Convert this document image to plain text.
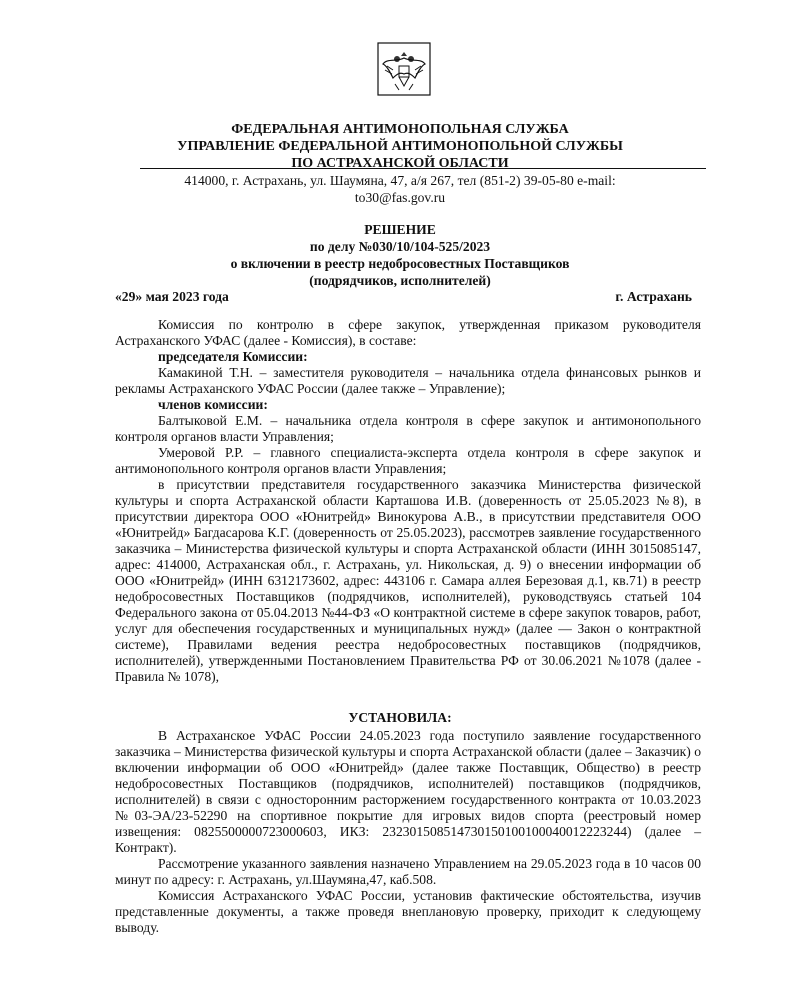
ФЕДЕРАЛЬНАЯ АНТИМОНОПОЛЬНАЯ СЛУЖБА
УПРАВЛЕНИЕ ФЕДЕРАЛЬНОЙ АНТИМОНОПОЛЬНОЙ СЛУЖБЫ
ПО АСТРАХАНСКОЙ ОБЛАСТИ
414000, г. Астрахань, ул. Шаумяна, 47, а/я 267, тел (851-2) 39-05-80 e-mail:
to30@fas.gov.ru
РЕШЕНИЕ
по делу №030/10/104-525/2023
о включении в реестр недобросовестных Поставщиков
(подрядчиков, исполнителей)
«29» мая 2023 года	г. Астрахань

Комиссия по контролю в сфере закупок, утвержденная приказом руководителя Астраханского УФАС (далее - Комиссия), в составе:

председателя Комиссии:

Камакиной Т.Н. – заместителя руководителя – начальника отдела финансовых рынков и рекламы Астраханского УФАС России (далее также – Управление);

членов комиссии:

Балтыковой Е.М. – начальника отдела контроля в сфере закупок и антимонопольного контроля органов власти Управления;

Умеровой Р.Р. – главного специалиста-эксперта отдела контроля в сфере закупок и антимонопольного контроля органов власти Управления;

в присутствии представителя государственного заказчика Министерства физической культуры и спорта Астраханской области Карташова И.В. (доверенность от 25.05.2023 №8), в присутствии директора ООО «Юнитрейд» Винокурова А.В., в присутствии представителя ООО «Юнитрейд» Багдасарова К.Г. (доверенность от 25.05.2023), рассмотрев заявление государственного заказчика – Министерства физической культуры и спорта Астраханской области (ИНН 3015085147, адрес: 414000, Астраханская обл., г. Астрахань, ул. Никольская, д. 9) о внесении информации об ООО «Юнитрейд» (ИНН 6312173602, адрес: 443106 г. Самара аллея Березовая д.1, кв.71) в реестр недобросовестных Поставщиков (подрядчиков, исполнителей), руководствуясь статьей 104 Федерального закона от 05.04.2013 №44-ФЗ «О контрактной системе в сфере закупок товаров, работ, услуг для обеспечения государственных и муниципальных нужд» (далее — Закон о контрактной системе), Правилами ведения реестра недобросовестных поставщиков (подрядчиков, исполнителей), утвержденными Постановлением Правительства РФ от 30.06.2021 №1078 (далее - Правила № 1078),

УСТАНОВИЛА:

В Астраханское УФАС России 24.05.2023 года поступило заявление государственного заказчика – Министерства физической культуры и спорта Астраханской области (далее – Заказчик) о включении информации об ООО «Юнитрейд» (далее также Поставщик, Общество) в реестр недобросовестных Поставщиков (подрядчиков, исполнителей) поставщиков (подрядчиков, исполнителей) в связи с односторонним расторжением государственного контракта от 10.03.2023 №03-ЭА/23-52290 на спортивное покрытие для игровых видов спорта (реестровый номер извещения: 0825500000723000603, ИКЗ: 232301508514730150100100040012223244) (далее – Контракт).

Рассмотрение указанного заявления назначено Управлением на 29.05.2023 года в 10 часов 00 минут по адресу: г. Астрахань, ул.Шаумяна,47, каб.508.

Комиссия Астраханского УФАС России, установив фактические обстоятельства, изучив представленные документы, а также проведя внеплановую проверку, приходит к следующему выводу.
